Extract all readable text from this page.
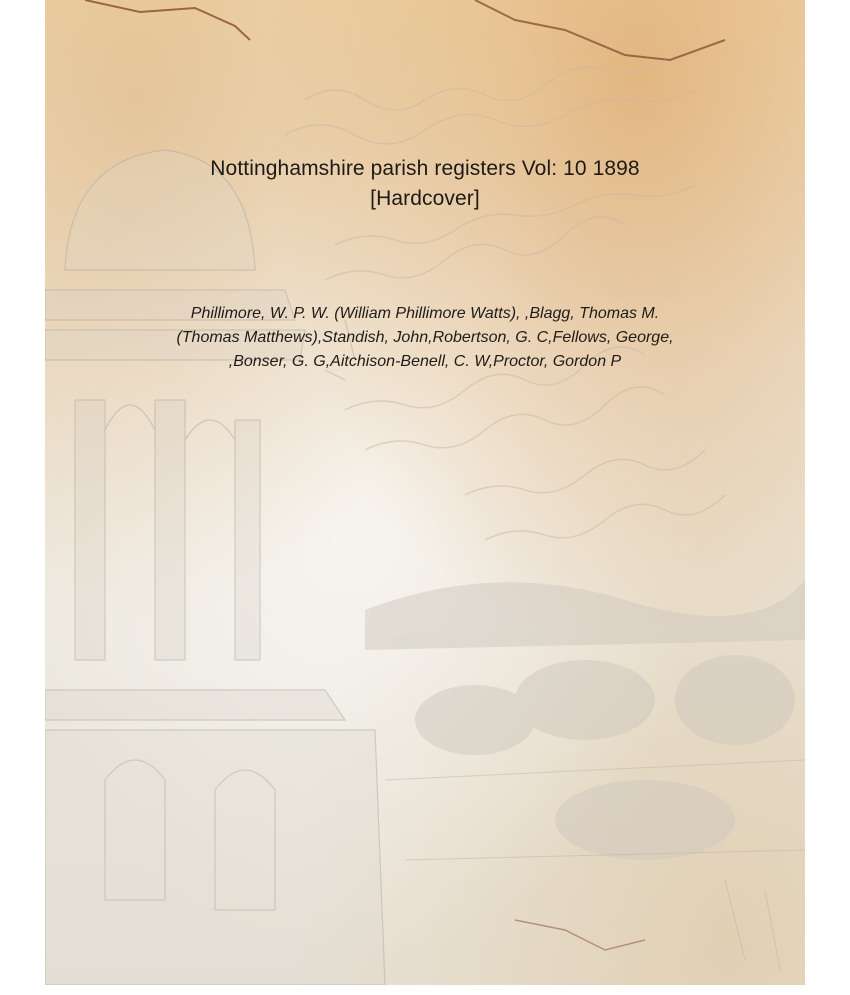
Nottinghamshire parish registers Vol: 10 1898
[Hardcover]
Phillimore, W. P. W. (William Phillimore Watts), ,Blagg, Thomas M.
(Thomas Matthews),Standish, John,Robertson, G. C,Fellows, George,
,Bonser, G. G,Aitchison-Benell, C. W,Proctor, Gordon P
